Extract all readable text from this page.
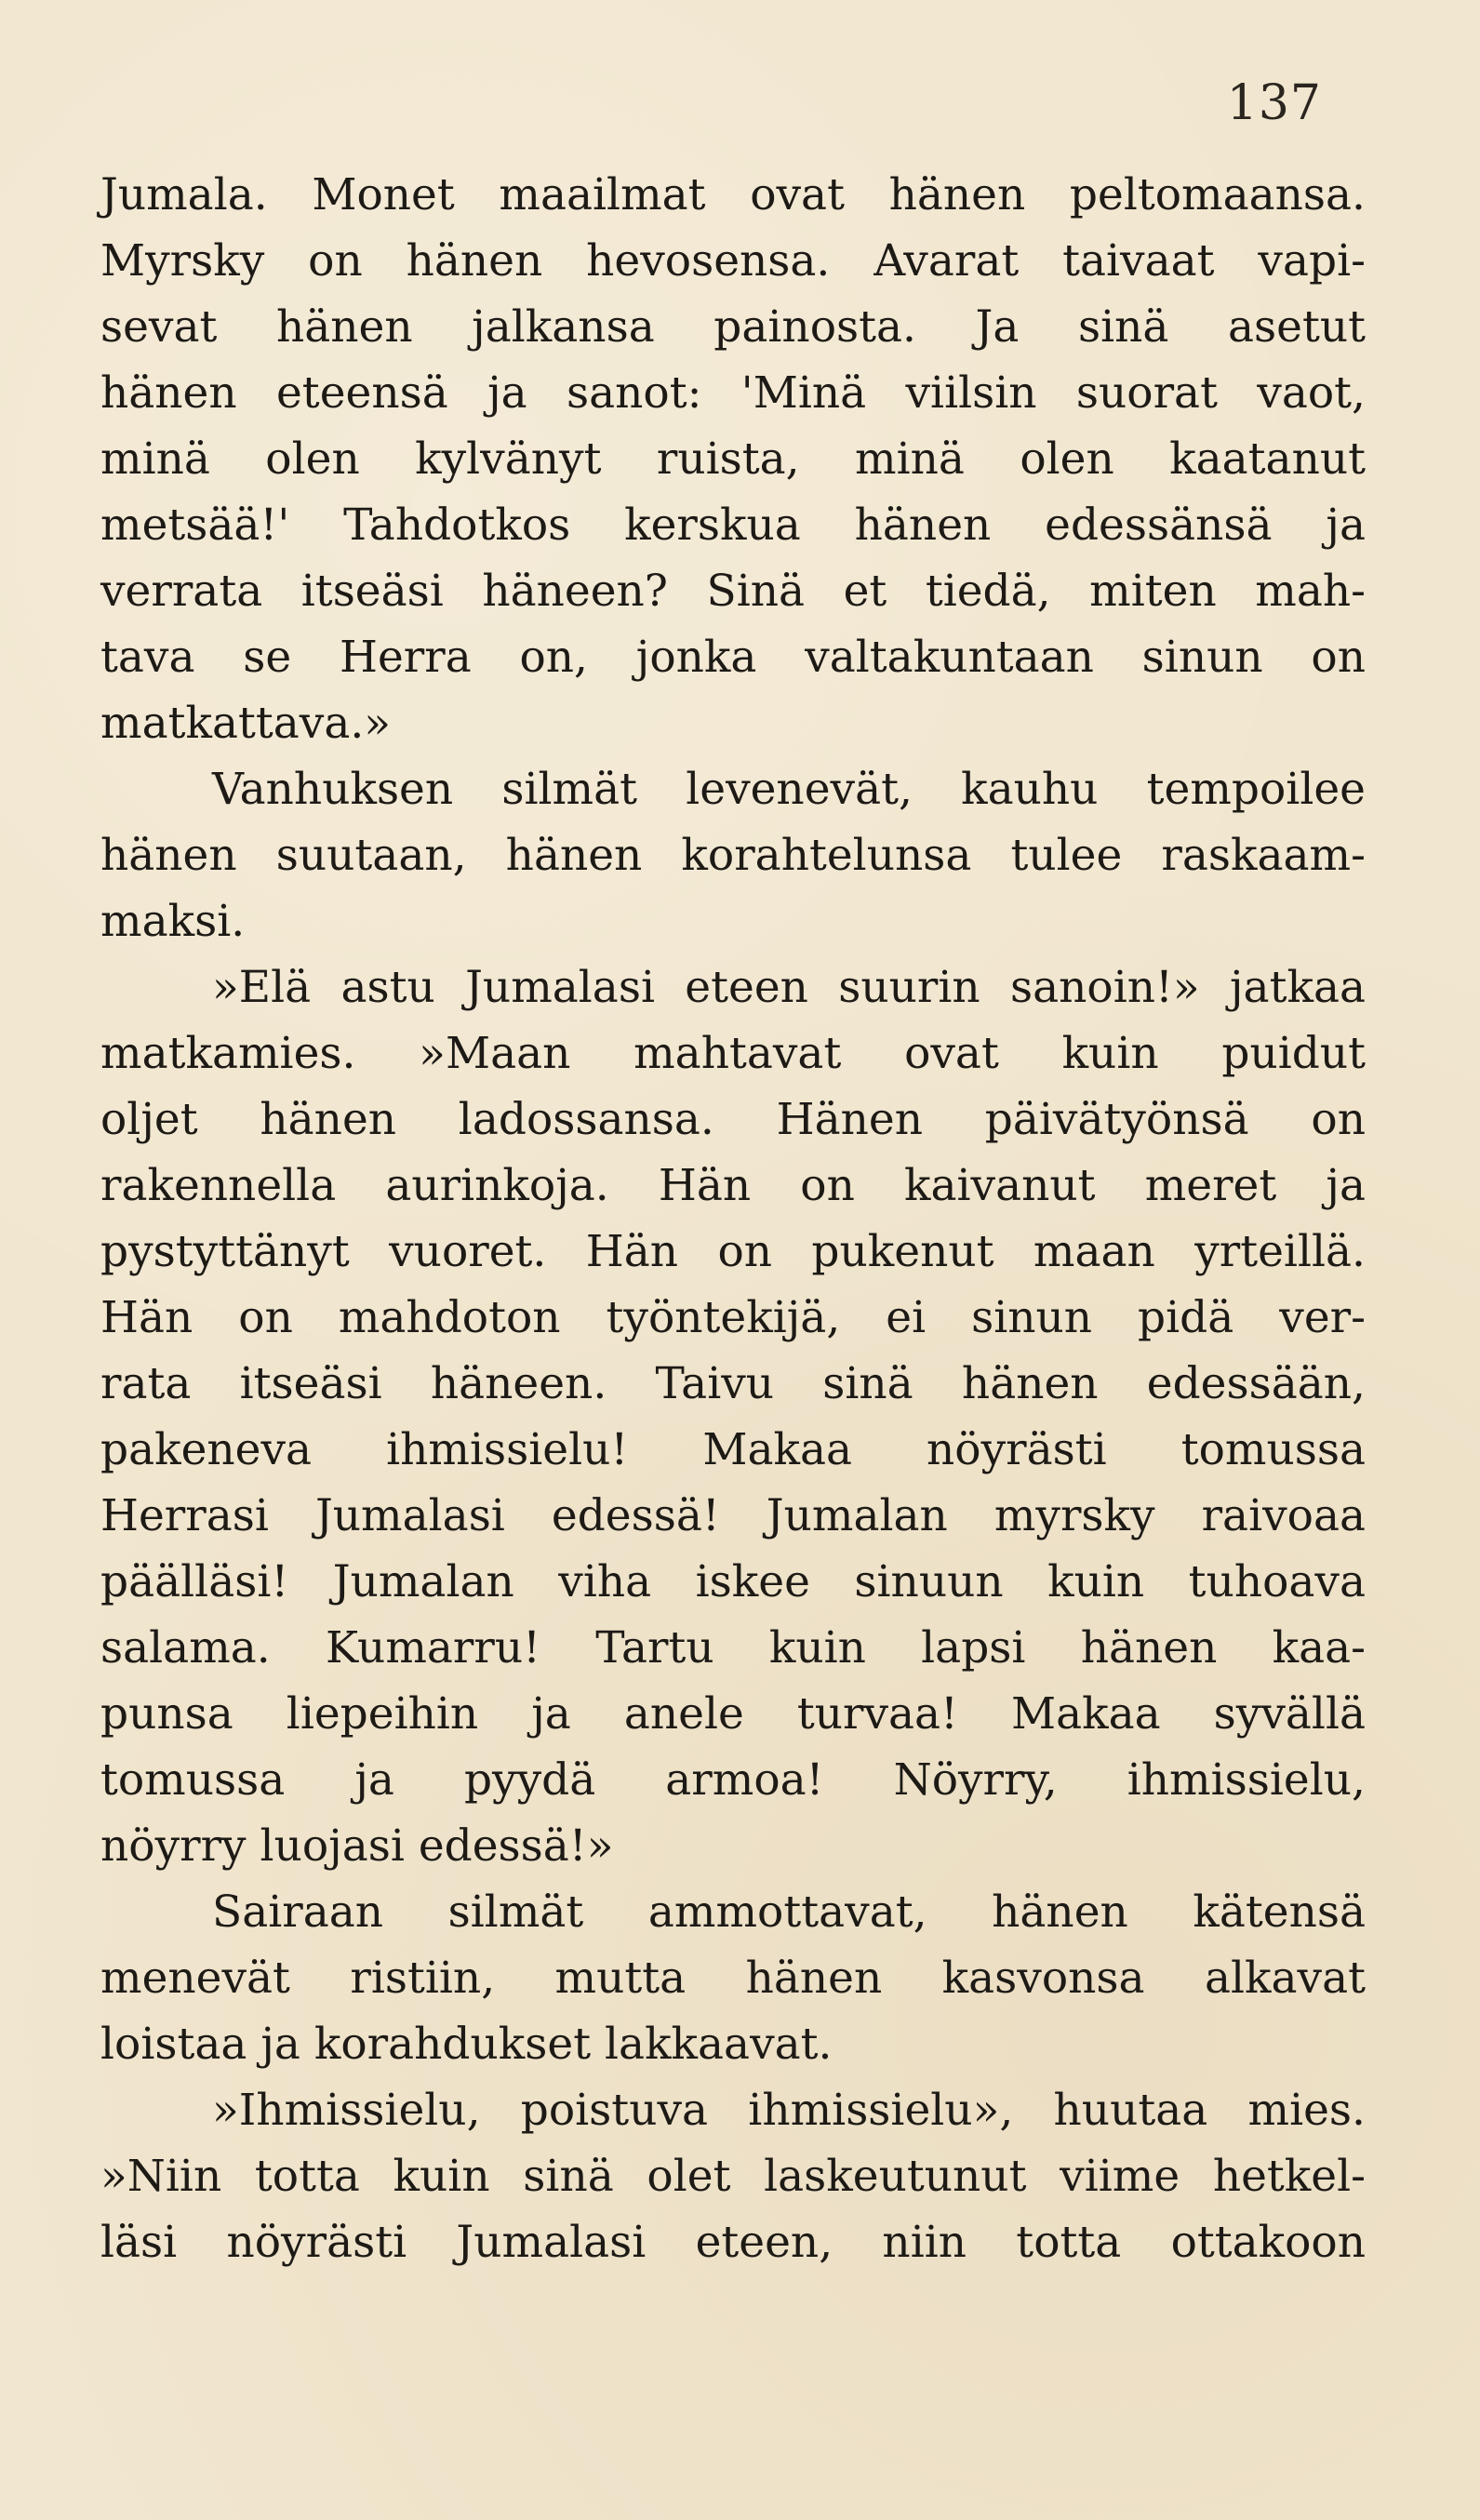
137
Jumala. Monet maailmat ovat hänen peltomaansa.
Myrsky on hänen hevosensa. Avarat taivaat vapi-
sevat hänen jalkansa painosta. Ja sinä asetut
hänen eteensä ja sanot: 'Minä viilsin suorat vaot,
minä olen kylvänyt ruista, minä olen kaatanut
metsää!' Tahdotkos kerskua hänen edessänsä ja
verrata itseäsi häneen? Sinä et tiedä, miten mah-
tava se Herra on, jonka valtakuntaan sinun on
matkattava.»
Vanhuksen silmät levenevät, kauhu tempoilee
hänen suutaan, hänen korahtelunsa tulee raskaam-
maksi.
»Elä astu Jumalasi eteen suurin sanoin!» jatkaa
matkamies. »Maan mahtavat ovat kuin puidut
oljet hänen ladossansa. Hänen päivätyönsä on
rakennella aurinkoja. Hän on kaivanut meret ja
pystyttänyt vuoret. Hän on pukenut maan yrteillä.
Hän on mahdoton työntekijä, ei sinun pidä ver-
rata itseäsi häneen. Taivu sinä hänen edessään,
pakeneva ihmissielu! Makaa nöyrästi tomussa
Herrasi Jumalasi edessä! Jumalan myrsky raivoaa
päälläsi! Jumalan viha iskee sinuun kuin tuhoava
salama. Kumarru! Tartu kuin lapsi hänen kaa-
punsa liepeihin ja anele turvaa! Makaa syvällä
tomussa ja pyydä armoa! Nöyrry, ihmissielu,
nöyrry luojasi edessä!»
Sairaan silmät ammottavat, hänen kätensä
menevät ristiin, mutta hänen kasvonsa alkavat
loistaa ja korahdukset lakkaavat.
»Ihmissielu, poistuva ihmissielu», huutaa mies.
»Niin totta kuin sinä olet laskeutunut viime hetkel-
läsi nöyrästi Jumalasi eteen, niin totta ottakoon
